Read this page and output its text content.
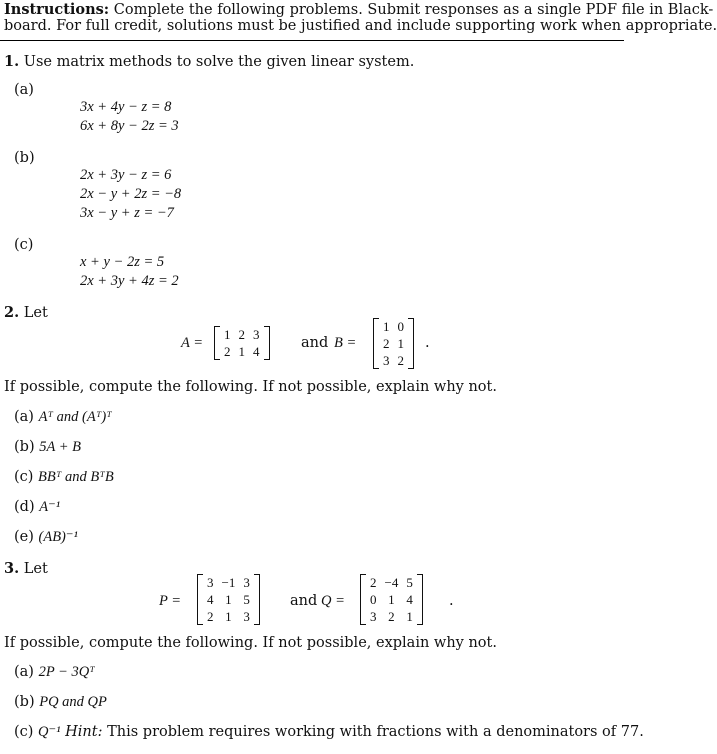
Instructions: Complete the following problems. Submit responses as a single PDF file in Black-
board. For full credit, solutions must be justified and include supporting work when appropriate.
1. Use matrix methods to solve the given linear system.
(a)
3x + 4y − z = 8
6x + 8y − 2z = 3
(b)
2x + 3y − z = 6
2x − y + 2z = −8
3x − y + z = −7
(c)
x + y − 2z = 5
2x + 3y + 4z = 2
2. Let
A =
1 2 3
2 1 4
and B =
1 0
2 1
3 2
.
If possible, compute the following. If not possible, explain why not.
(a) Aᵀ and (Aᵀ)ᵀ
(b) 5A + B
(c) BBᵀ and BᵀB
(d) A⁻¹
(e) (AB)⁻¹
3. Let
P =
3 −1 3
4 1 5
2 1 3
and Q =
2 −4 5
0 1 4
3 2 1
.
If possible, compute the following. If not possible, explain why not.
(a) 2P − 3Qᵀ
(b) PQ and QP
(c) Q⁻¹ Hint: This problem requires working with fractions with a denominators of 77.
